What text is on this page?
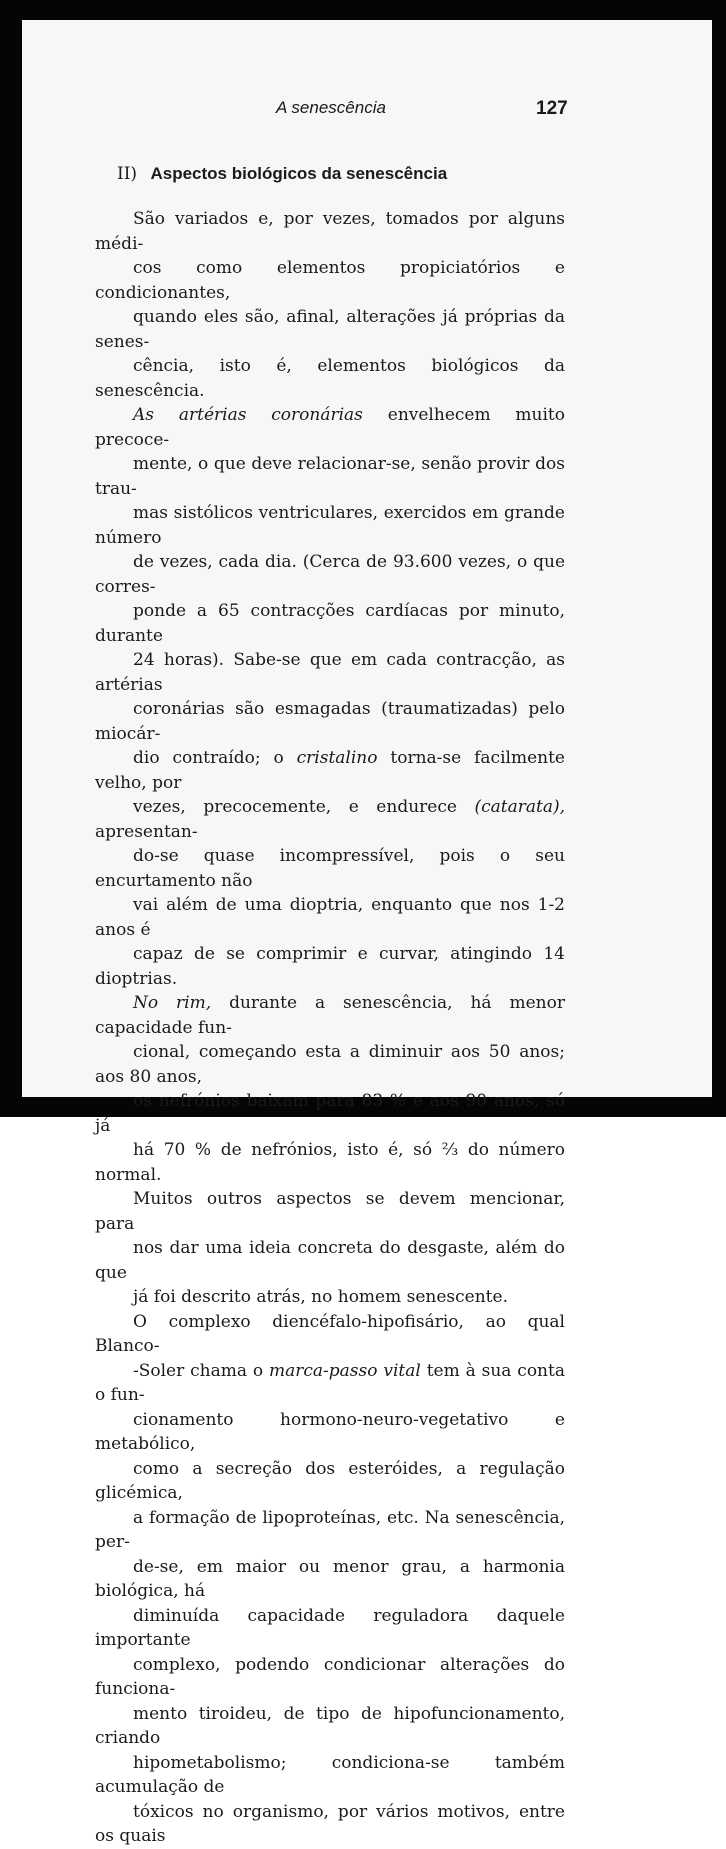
A senescência	127
II) Aspectos biológicos da senescência

São variados e, por vezes, tomados por alguns médi-
cos como elementos propiciatórios e condicionantes,
quando eles são, afinal, alterações já próprias da senes-
cência, isto é, elementos biológicos da senescência.

As artérias coronárias envelhecem muito precoce-
mente, o que deve relacionar-se, senão provir dos trau-
mas sistólicos ventriculares, exercidos em grande número
de vezes, cada dia. (Cerca de 93.600 vezes, o que corres-
ponde a 65 contracções cardíacas por minuto, durante
24 horas). Sabe-se que em cada contracção, as artérias
coronárias são esmagadas (traumatizadas) pelo miocár-
dio contraído; o cristalino torna-se facilmente velho, por
vezes, precocemente, e endurece (catarata), apresentan-
do-se quase incompressível, pois o seu encurtamento não
vai além de uma dioptria, enquanto que nos 1-2 anos é
capaz de se comprimir e curvar, atingindo 14 dioptrias.
No rim, durante a senescência, há menor capacidade fun-
cional, começando esta a diminuir aos 50 anos; aos 80 anos,
os nefrónios baixam para 83 % e aos 90 anos, só já
há 70 % de nefrónios, isto é, só ⅔ do número normal.

Muitos outros aspectos se devem mencionar, para
nos dar uma ideia concreta do desgaste, além do que
já foi descrito atrás, no homem senescente.

O complexo diencéfalo-hipofisário, ao qual Blanco-
-Soler chama o marca-passo vital tem à sua conta o fun-
cionamento hormono-neuro-vegetativo e metabólico,
como a secreção dos esteróides, a regulação glicémica,
a formação de lipoproteínas, etc. Na senescência, per-
de-se, em maior ou menor grau, a harmonia biológica, há
diminuída capacidade reguladora daquele importante
complexo, podendo condicionar alterações do funciona-
mento tiroideu, de tipo de hipofuncionamento, criando
hipometabolismo; condiciona-se também acumulação de
tóxicos no organismo, por vários motivos, entre os quais
